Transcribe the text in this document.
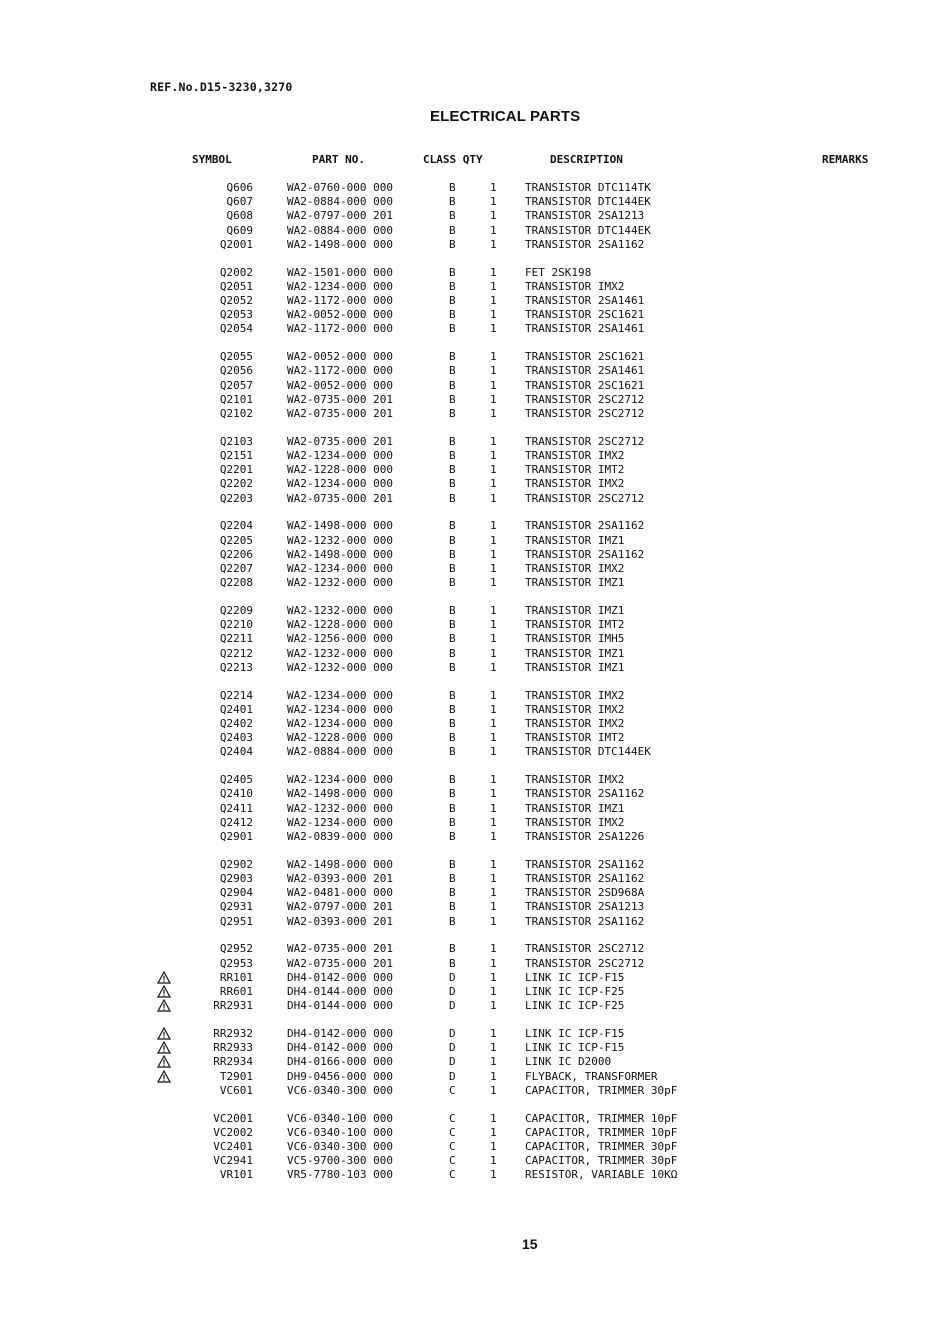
REF.No.D15-3230,3270
ELECTRICAL PARTS
SYMBOL	PART NO.	CLASS QTY	DESCRIPTION	REMARKS
Q606	WA2-0760-000 000	B	1	TRANSISTOR DTC114TK
Q607	WA2-0884-000 000	B	1	TRANSISTOR DTC144EK
Q608	WA2-0797-000 201	B	1	TRANSISTOR 2SA1213
Q609	WA2-0884-000 000	B	1	TRANSISTOR DTC144EK
Q2001	WA2-1498-000 000	B	1	TRANSISTOR 2SA1162
Q2002	WA2-1501-000 000	B	1	FET 2SK198
Q2051	WA2-1234-000 000	B	1	TRANSISTOR IMX2
Q2052	WA2-1172-000 000	B	1	TRANSISTOR 2SA1461
Q2053	WA2-0052-000 000	B	1	TRANSISTOR 2SC1621
Q2054	WA2-1172-000 000	B	1	TRANSISTOR 2SA1461
Q2055	WA2-0052-000 000	B	1	TRANSISTOR 2SC1621
Q2056	WA2-1172-000 000	B	1	TRANSISTOR 2SA1461
Q2057	WA2-0052-000 000	B	1	TRANSISTOR 2SC1621
Q2101	WA2-0735-000 201	B	1	TRANSISTOR 2SC2712
Q2102	WA2-0735-000 201	B	1	TRANSISTOR 2SC2712
Q2103	WA2-0735-000 201	B	1	TRANSISTOR 2SC2712
Q2151	WA2-1234-000 000	B	1	TRANSISTOR IMX2
Q2201	WA2-1228-000 000	B	1	TRANSISTOR IMT2
Q2202	WA2-1234-000 000	B	1	TRANSISTOR IMX2
Q2203	WA2-0735-000 201	B	1	TRANSISTOR 2SC2712
Q2204	WA2-1498-000 000	B	1	TRANSISTOR 2SA1162
Q2205	WA2-1232-000 000	B	1	TRANSISTOR IMZ1
Q2206	WA2-1498-000 000	B	1	TRANSISTOR 2SA1162
Q2207	WA2-1234-000 000	B	1	TRANSISTOR IMX2
Q2208	WA2-1232-000 000	B	1	TRANSISTOR IMZ1
Q2209	WA2-1232-000 000	B	1	TRANSISTOR IMZ1
Q2210	WA2-1228-000 000	B	1	TRANSISTOR IMT2
Q2211	WA2-1256-000 000	B	1	TRANSISTOR IMH5
Q2212	WA2-1232-000 000	B	1	TRANSISTOR IMZ1
Q2213	WA2-1232-000 000	B	1	TRANSISTOR IMZ1
Q2214	WA2-1234-000 000	B	1	TRANSISTOR IMX2
Q2401	WA2-1234-000 000	B	1	TRANSISTOR IMX2
Q2402	WA2-1234-000 000	B	1	TRANSISTOR IMX2
Q2403	WA2-1228-000 000	B	1	TRANSISTOR IMT2
Q2404	WA2-0884-000 000	B	1	TRANSISTOR DTC144EK
Q2405	WA2-1234-000 000	B	1	TRANSISTOR IMX2
Q2410	WA2-1498-000 000	B	1	TRANSISTOR 2SA1162
Q2411	WA2-1232-000 000	B	1	TRANSISTOR IMZ1
Q2412	WA2-1234-000 000	B	1	TRANSISTOR IMX2
Q2901	WA2-0839-000 000	B	1	TRANSISTOR 2SA1226
Q2902	WA2-1498-000 000	B	1	TRANSISTOR 2SA1162
Q2903	WA2-0393-000 201	B	1	TRANSISTOR 2SA1162
Q2904	WA2-0481-000 000	B	1	TRANSISTOR 2SD968A
Q2931	WA2-0797-000 201	B	1	TRANSISTOR 2SA1213
Q2951	WA2-0393-000 201	B	1	TRANSISTOR 2SA1162
Q2952	WA2-0735-000 201	B	1	TRANSISTOR 2SC2712
Q2953	WA2-0735-000 201	B	1	TRANSISTOR 2SC2712
RR101	DH4-0142-000 000	D	1	LINK IC ICP-F15
RR601	DH4-0144-000 000	D	1	LINK IC ICP-F25
RR2931	DH4-0144-000 000	D	1	LINK IC ICP-F25
RR2932	DH4-0142-000 000	D	1	LINK IC ICP-F15
RR2933	DH4-0142-000 000	D	1	LINK IC ICP-F15
RR2934	DH4-0166-000 000	D	1	LINK IC D2000
T2901	DH9-0456-000 000	D	1	FLYBACK, TRANSFORMER
VC601	VC6-0340-300 000	C	1	CAPACITOR, TRIMMER 30pF
VC2001	VC6-0340-100 000	C	1	CAPACITOR, TRIMMER 10pF
VC2002	VC6-0340-100 000	C	1	CAPACITOR, TRIMMER 10pF
VC2401	VC6-0340-300 000	C	1	CAPACITOR, TRIMMER 30pF
VC2941	VC5-9700-300 000	C	1	CAPACITOR, TRIMMER 30pF
VR101	VR5-7780-103 000	C	1	RESISTOR, VARIABLE 10KΩ
15
